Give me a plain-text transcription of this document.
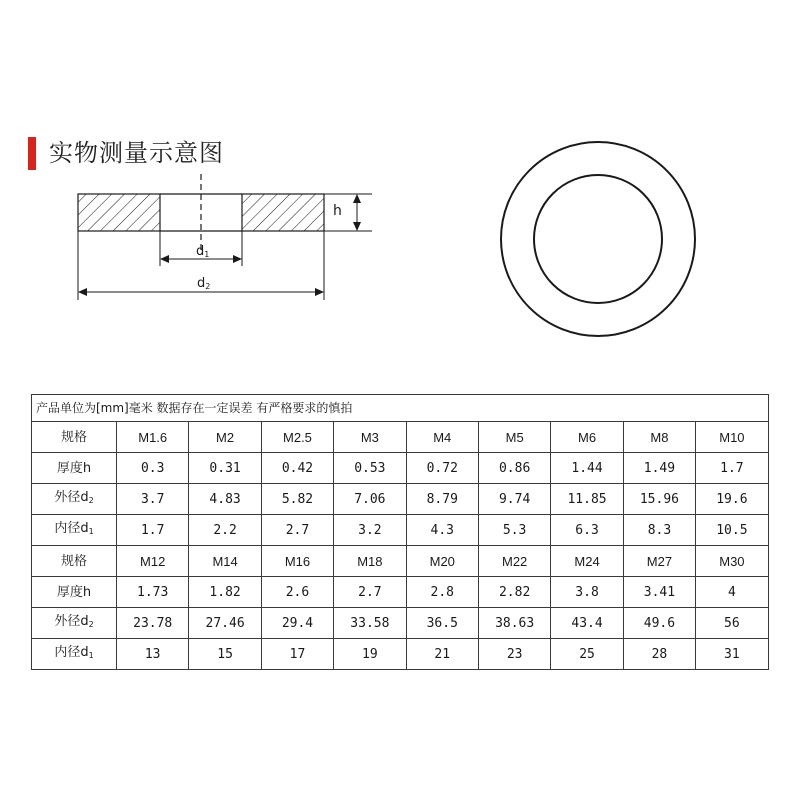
实物测量示意图
h
d1
d2
产品单位为[mm]毫米 数据存在一定误差 有严格要求的慎拍									
规格	M1.6	M2	M2.5	M3	M4	M5	M6	M8	M10
厚度h	0.3	0.31	0.42	0.53	0.72	0.86	1.44	1.49	1.7
外径$d_2$	3.7	4.83	5.82	7.06	8.79	9.74	11.85	15.96	19.6
内径$d_1$	1.7	2.2	2.7	3.2	4.3	5.3	6.3	8.3	10.5
规格	M12	M14	M16	M18	M20	M22	M24	M27	M30
厚度h	1.73	1.82	2.6	2.7	2.8	2.82	3.8	3.41	4
外径$d_2$	23.78	27.46	29.4	33.58	36.5	38.63	43.4	49.6	56
内径$d_1$	13	15	17	19	21	23	25	28	31
